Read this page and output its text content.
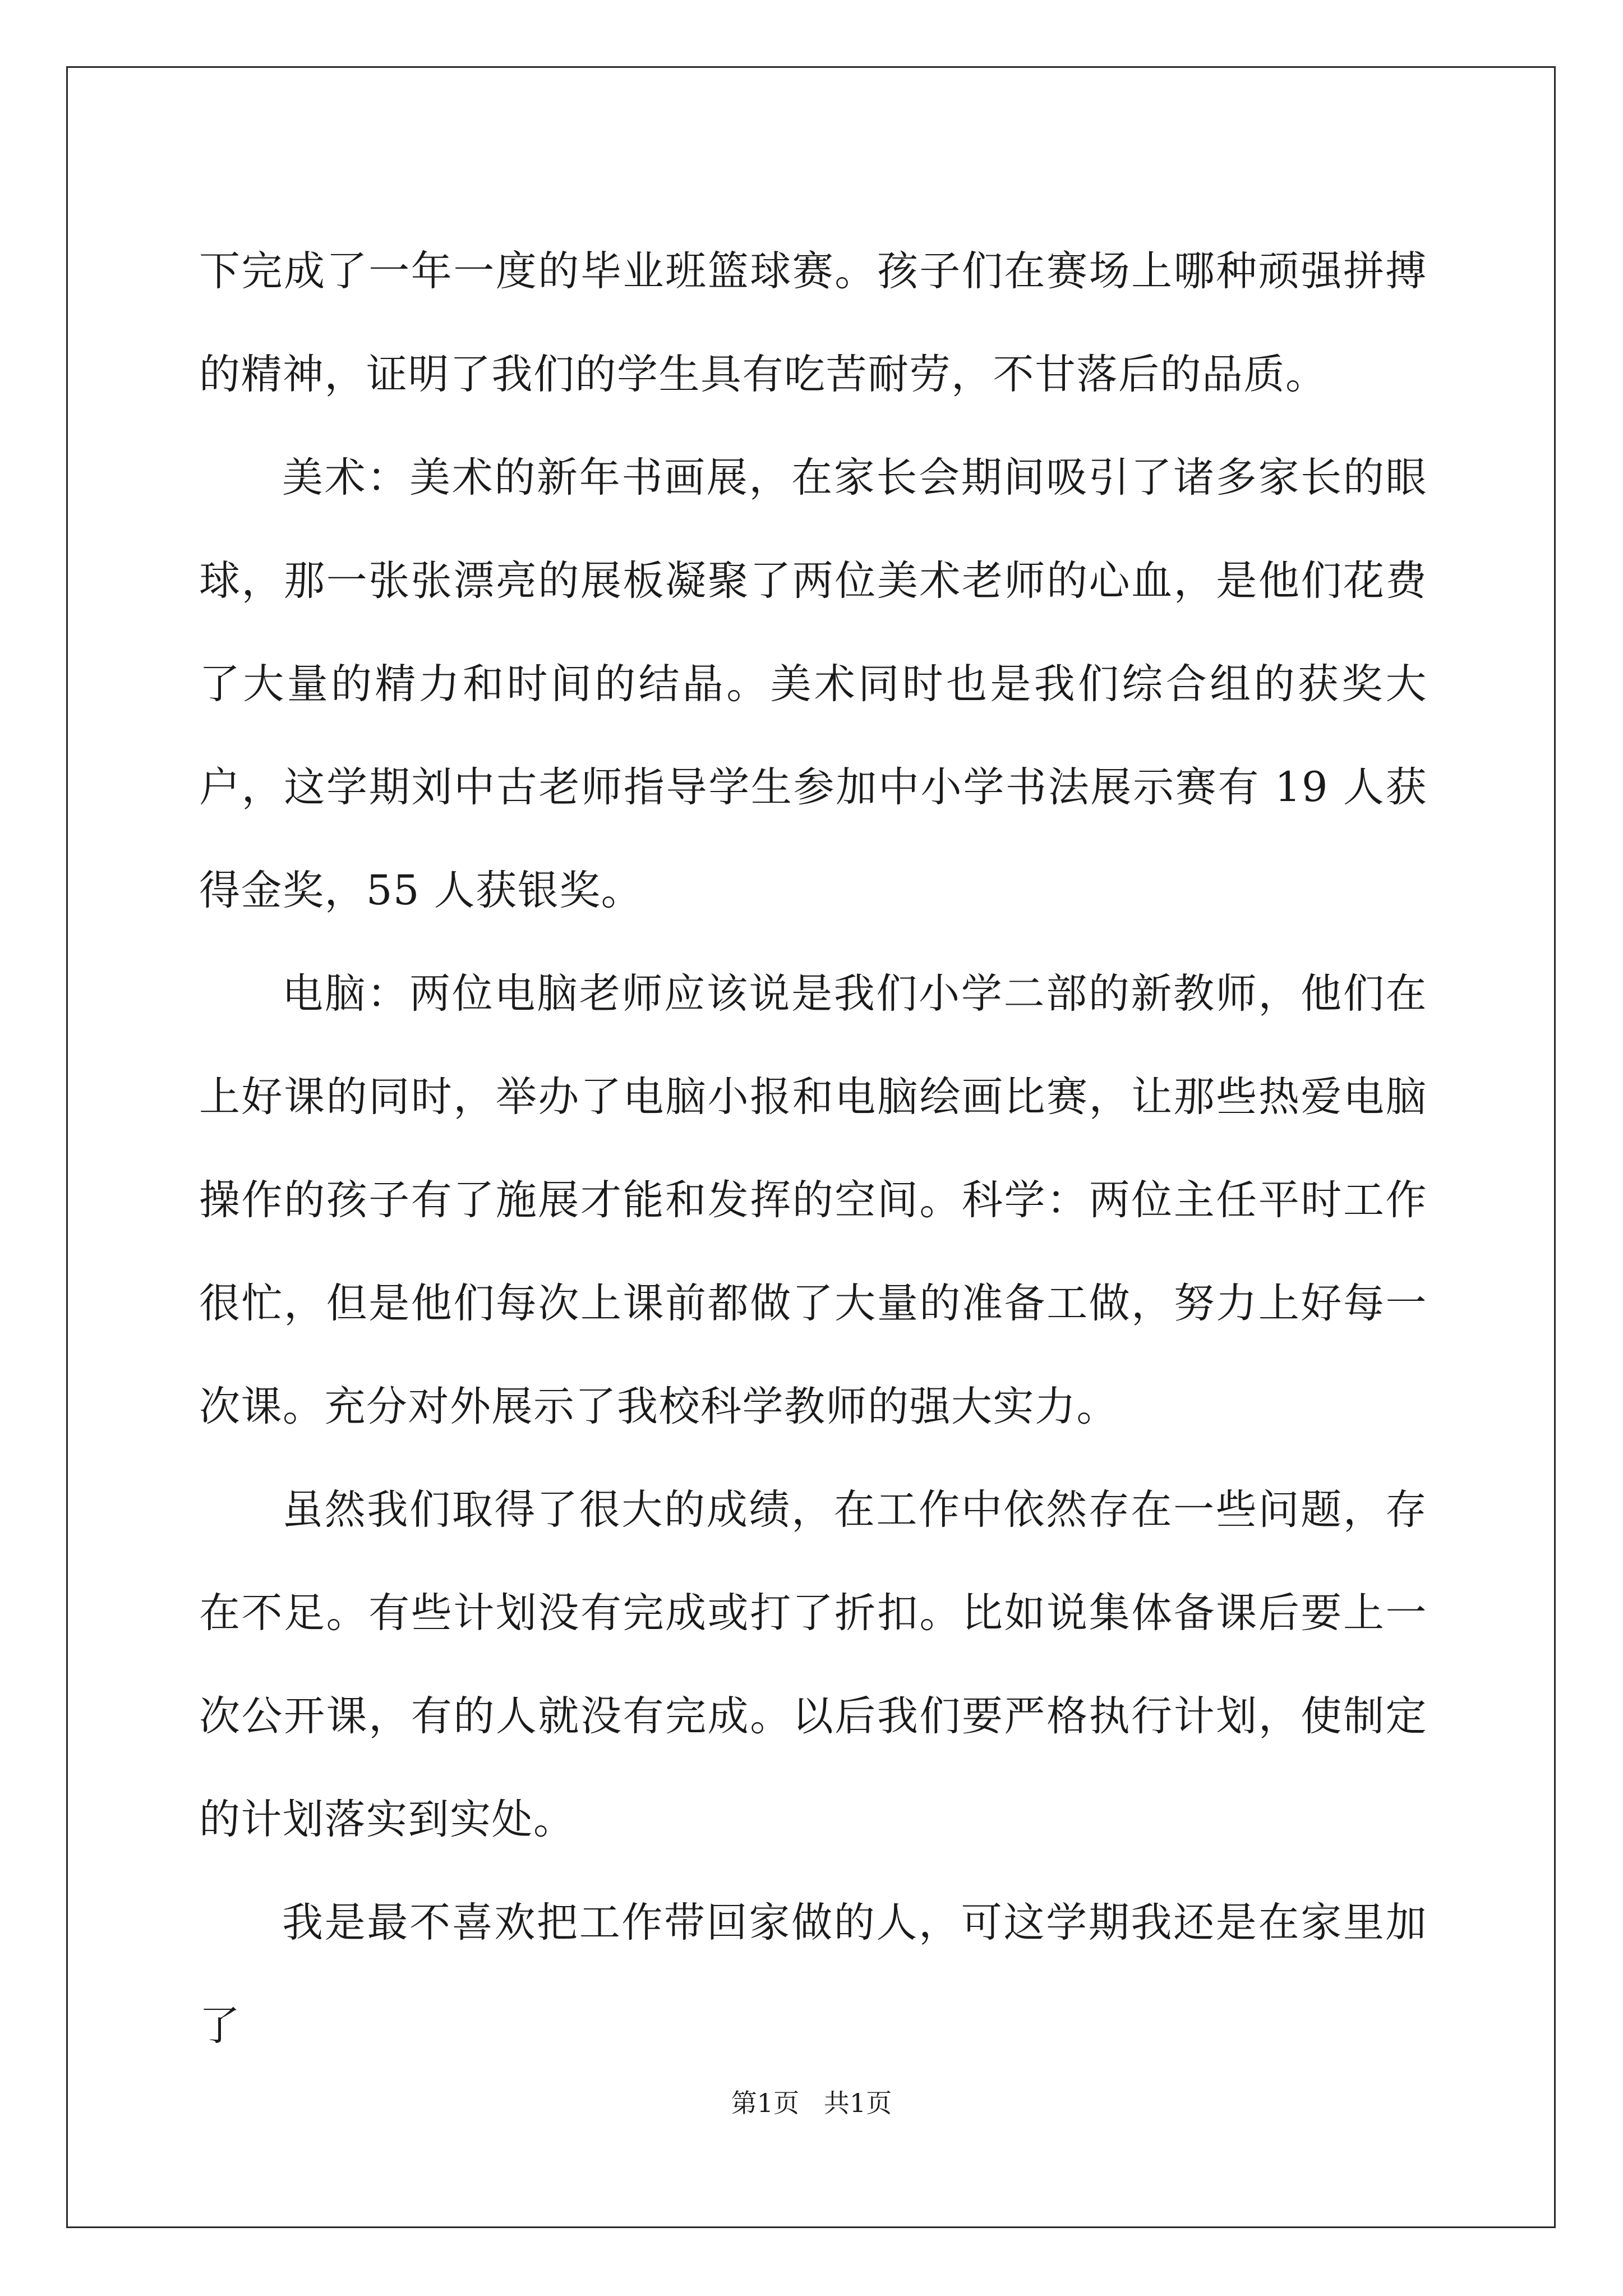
下完成了一年一度的毕业班篮球赛。孩子们在赛场上哪种顽强拼搏的精神，证明了我们的学生具有吃苦耐劳，不甘落后的品质。

美术：美术的新年书画展，在家长会期间吸引了诸多家长的眼球，那一张张漂亮的展板凝聚了两位美术老师的心血，是他们花费了大量的精力和时间的结晶。美术同时也是我们综合组的获奖大户，这学期刘中古老师指导学生参加中小学书法展示赛有 19 人获得金奖，55 人获银奖。

电脑：两位电脑老师应该说是我们小学二部的新教师，他们在上好课的同时，举办了电脑小报和电脑绘画比赛，让那些热爱电脑操作的孩子有了施展才能和发挥的空间。科学：两位主任平时工作很忙，但是他们每次上课前都做了大量的准备工做，努力上好每一次课。充分对外展示了我校科学教师的强大实力。

虽然我们取得了很大的成绩，在工作中依然存在一些问题，存在不足。有些计划没有完成或打了折扣。比如说集体备课后要上一次公开课，有的人就没有完成。以后我们要严格执行计划，使制定的计划落实到实处。

我是最不喜欢把工作带回家做的人，可这学期我还是在家里加了

第1页   共1页
